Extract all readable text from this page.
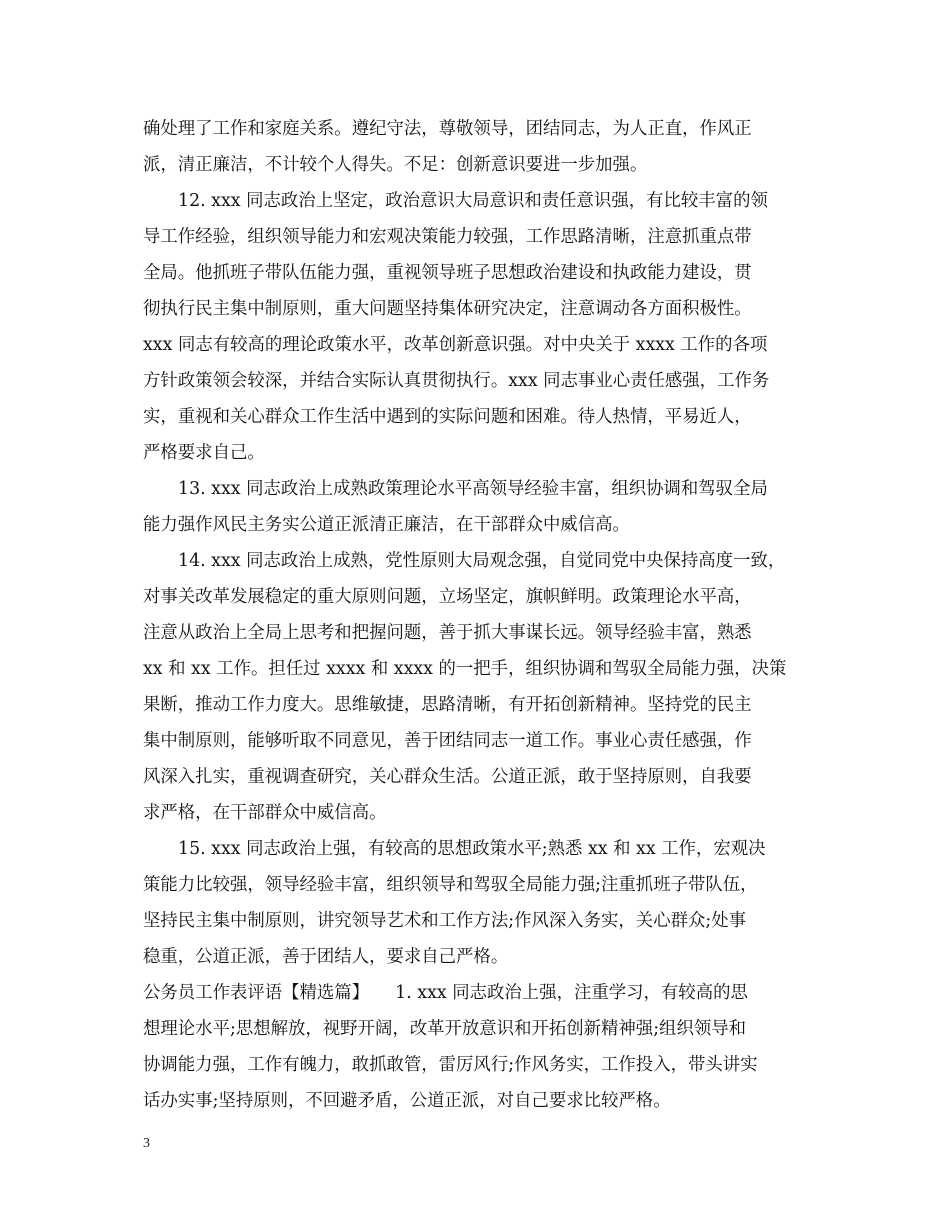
确处理了工作和家庭关系。遵纪守法，尊敬领导，团结同志，为人正直，作风正
派，清正廉洁，不计较个人得失。不足：创新意识要进一步加强。
12. xxx 同志政治上坚定，政治意识大局意识和责任意识强，有比较丰富的领
导工作经验，组织领导能力和宏观决策能力较强，工作思路清晰，注意抓重点带
全局。他抓班子带队伍能力强，重视领导班子思想政治建设和执政能力建设，贯
彻执行民主集中制原则，重大问题坚持集体研究决定，注意调动各方面积极性。
xxx 同志有较高的理论政策水平，改革创新意识强。对中央关于 xxxx 工作的各项
方针政策领会较深，并结合实际认真贯彻执行。xxx 同志事业心责任感强，工作务
实，重视和关心群众工作生活中遇到的实际问题和困难。待人热情，平易近人，
严格要求自己。
13. xxx 同志政治上成熟政策理论水平高领导经验丰富，组织协调和驾驭全局
能力强作风民主务实公道正派清正廉洁，在干部群众中威信高。
14. xxx 同志政治上成熟，党性原则大局观念强，自觉同党中央保持高度一致，
对事关改革发展稳定的重大原则问题，立场坚定，旗帜鲜明。政策理论水平高，
注意从政治上全局上思考和把握问题，善于抓大事谋长远。领导经验丰富，熟悉
xx 和 xx 工作。担任过 xxxx 和 xxxx 的一把手，组织协调和驾驭全局能力强，决策
果断，推动工作力度大。思维敏捷，思路清晰，有开拓创新精神。坚持党的民主
集中制原则，能够听取不同意见，善于团结同志一道工作。事业心责任感强，作
风深入扎实，重视调查研究，关心群众生活。公道正派，敢于坚持原则，自我要
求严格，在干部群众中威信高。
15. xxx 同志政治上强，有较高的思想政策水平;熟悉 xx 和 xx 工作，宏观决
策能力比较强，领导经验丰富，组织领导和驾驭全局能力强;注重抓班子带队伍，
坚持民主集中制原则，讲究领导艺术和工作方法;作风深入务实，关心群众;处事
稳重，公道正派，善于团结人，要求自己严格。
公务员工作表评语【精选篇】　　1. xxx 同志政治上强，注重学习，有较高的思
想理论水平;思想解放，视野开阔，改革开放意识和开拓创新精神强;组织领导和
协调能力强，工作有魄力，敢抓敢管，雷厉风行;作风务实，工作投入，带头讲实
话办实事;坚持原则，不回避矛盾，公道正派，对自己要求比较严格。
3
